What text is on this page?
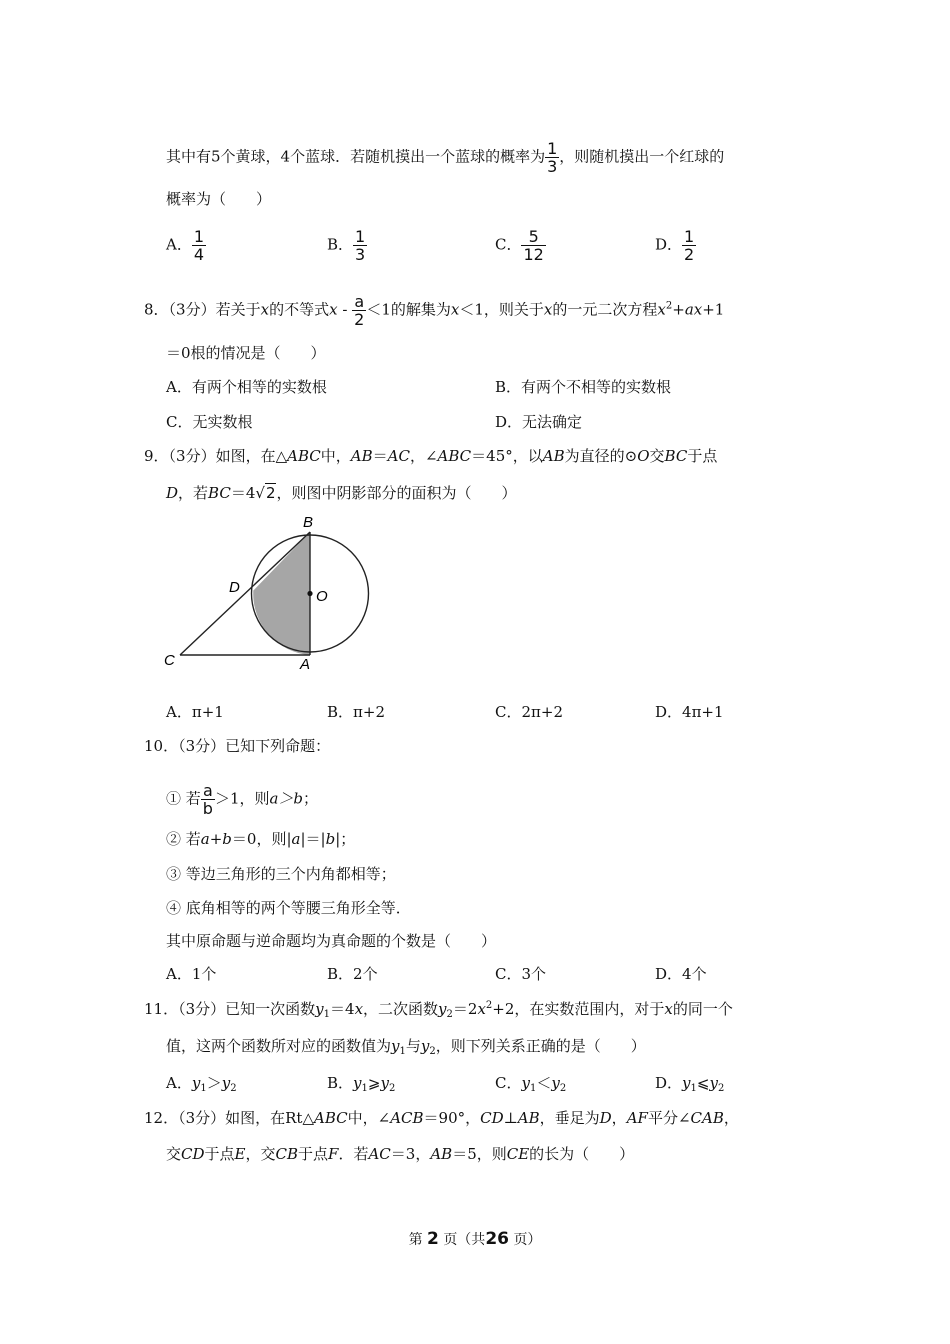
其中有5个黄球，4个蓝球．若随机摸出一个蓝球的概率为 $\frac{1}{3}$ ，则随机摸出一个红球的
概率为（　　）
A． $\frac{1}{4}$	B． $\frac{1}{3}$	C． $\frac{5}{12}$	D． $\frac{1}{2}$
8．（3分）若关于x的不等式$x - \frac{a}{2} <1$的解集为x＜1，则关于x的一元二次方程$x^2+ax+1$
＝0根的情况是（　　）
A．有两个相等的实数根	B．有两个不相等的实数根
C．无实数根	D．无法确定
9．（3分）如图，在△ABC中，AB＝AC，∠ABC＝45°，以AB为直径的⊙O交BC于点
D，若BC＝4√2，则图中阴影部分的面积为（　　）
B
D
O
C	A
A．π+1	B．π+2	C．2π+2	D．4π+1
10．（3分）已知下列命题：
① 若 $\frac{a}{b} >1$，则a＞b；
② 若a+b＝0，则|a|＝|b|；
③ 等边三角形的三个内角都相等；
④ 底角相等的两个等腰三角形全等．
其中原命题与逆命题均为真命题的个数是（　　）
A．1个	B．2个	C．3个	D．4个
11．（3分）已知一次函数$y_1=4x$，二次函数$y_2=2x^2+2$，在实数范围内，对于x的同一个
值，这两个函数所对应的函数值为$y_1$与$y_2$，则下列关系正确的是（　　）
A．$y_1>y_2$	B．$y_1⩾y_2$	C．$y_1<y_2$	D．$y_1⩽y_2$
12．（3分）如图，在Rt△ABC中，∠ACB＝90°，CD⊥AB，垂足为D，AF平分∠CAB，
交CD于点E，交CB于点F．若AC＝3，AB＝5，则CE的长为（　　）
第 2 页（共26 页）
